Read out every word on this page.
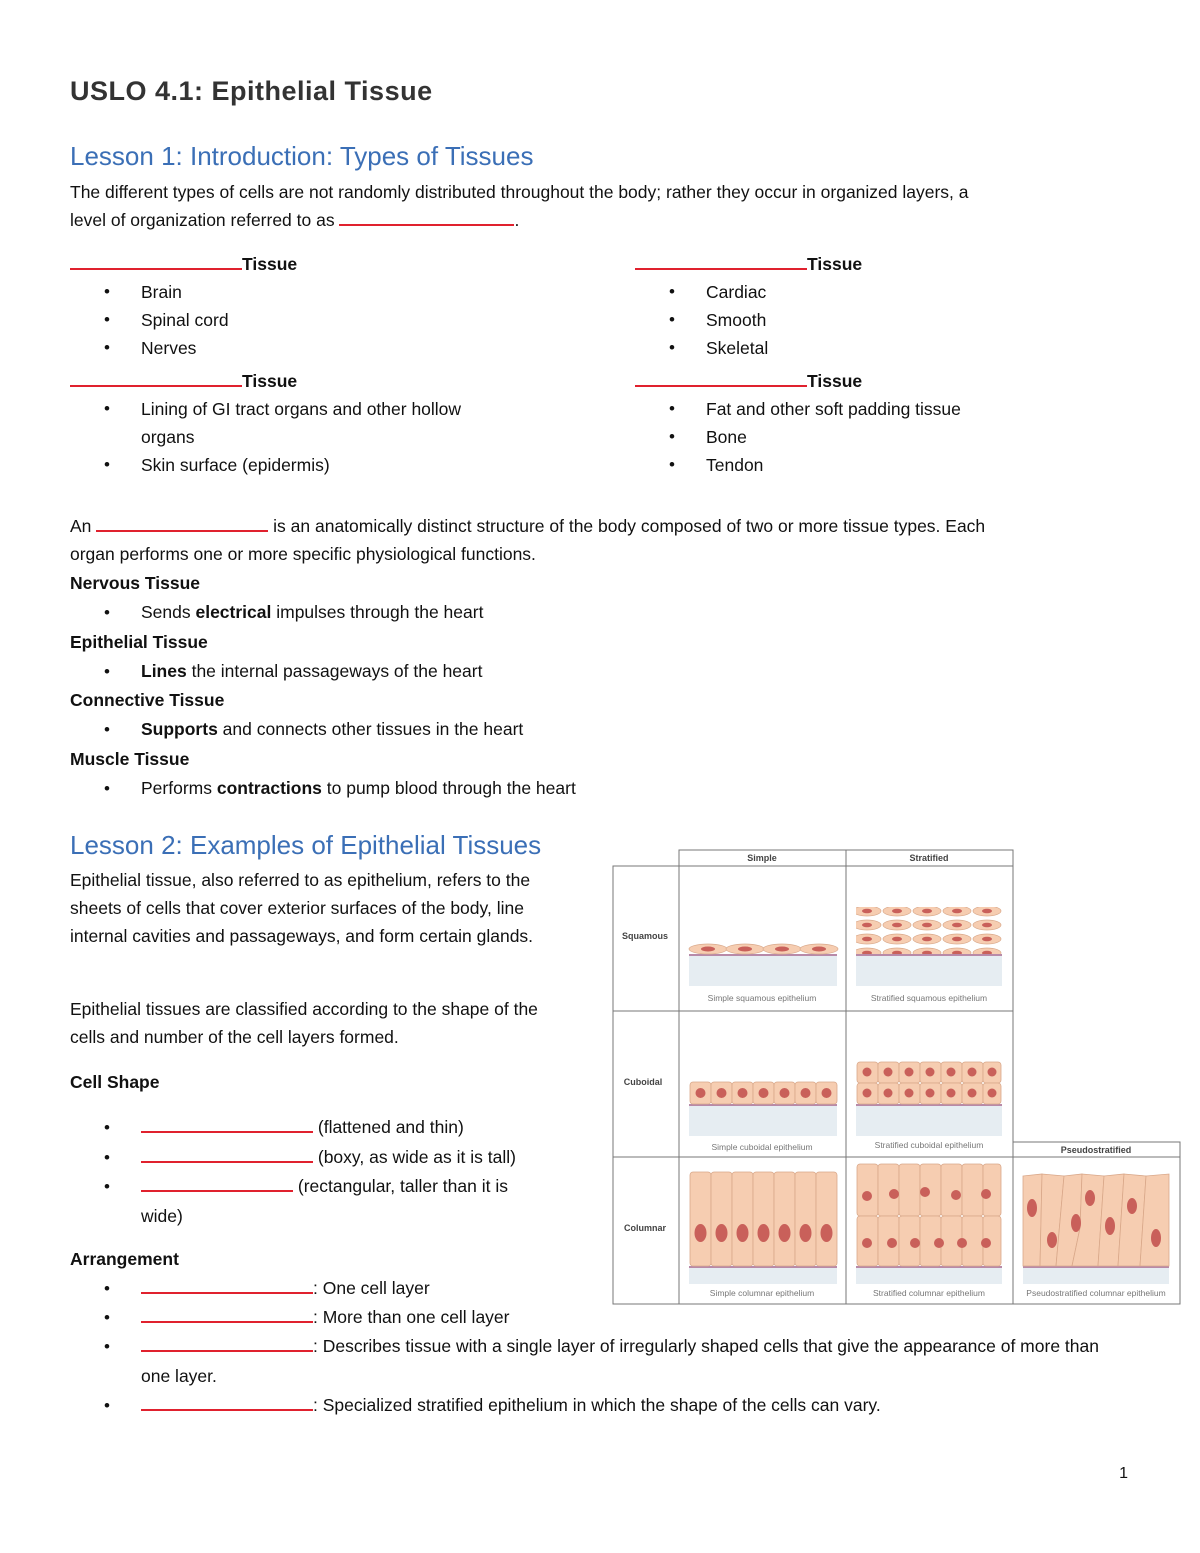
USLO 4.1: Epithelial Tissue
Lesson 1: Introduction: Types of Tissues
The different types of cells are not randomly distributed throughout the body; rather they occur in organized layers, a
level of organization referred to as	.
Tissue
• Brain
• Spinal cord
• Nerves
Tissue
• Cardiac
• Smooth
• Skeletal
Tissue
• Lining of GI tract organs and other hollow organs
• Skin surface (epidermis)
Tissue
• Fat and other soft padding tissue
• Bone
• Tendon
An	is an anatomically distinct structure of the body composed of two or more tissue types. Each
organ performs one or more specific physiological functions.
Nervous Tissue
• Sends electrical impulses through the heart
Epithelial Tissue
• Lines the internal passageways of the heart
Connective Tissue
• Supports and connects other tissues in the heart
Muscle Tissue
• Performs contractions to pump blood through the heart
Lesson 2: Examples of Epithelial Tissues
Epithelial tissue, also referred to as epithelium, refers to the sheets of cells that cover exterior surfaces of the body, line internal cavities and passageways, and form certain glands.
Epithelial tissues are classified according to the shape of the cells and number of the cell layers formed.
Cell Shape
• (flattened and thin)
• (boxy, as wide as it is tall)
• (rectangular, taller than it is wide)
Arrangement
• : One cell layer
• : More than one cell layer
• : Describes tissue with a single layer of irregularly shaped cells that give the appearance of more than one layer.
• : Specialized stratified epithelium in which the shape of the cells can vary.
Simple	Stratified
Pseudostratified
Squamous
Cuboidal
Columnar
Simple squamous epithelium	Stratified squamous epithelium
Simple cuboidal epithelium	Stratified cuboidal epithelium
Simple columnar epithelium	Stratified columnar epithelium	Pseudostratified columnar epithelium
1
